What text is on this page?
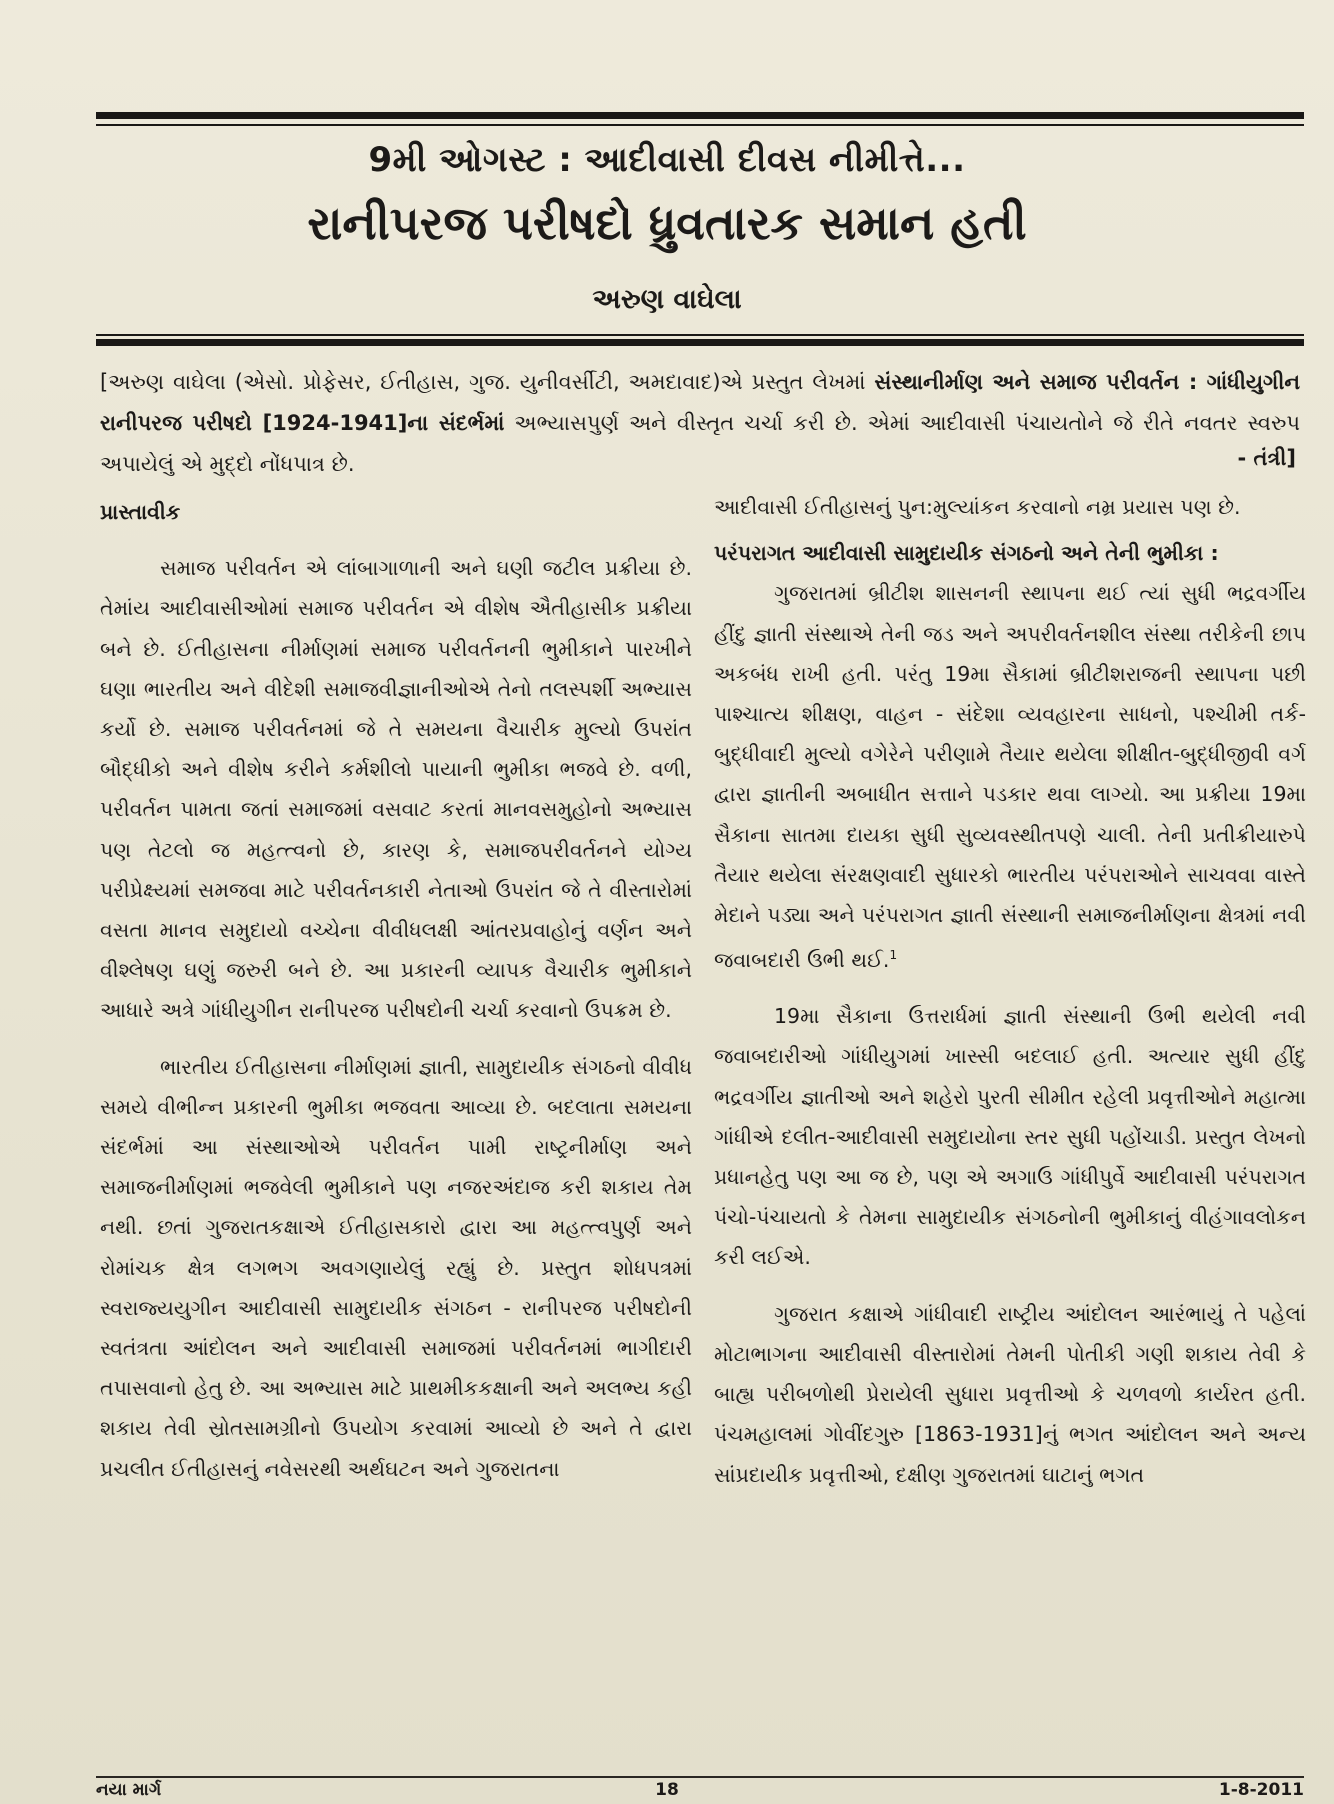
9મી ઓગસ્ટ : આદીવાસી દીવસ નીમીત્તે...
રાનીપરજ પરીષદો ધ્રુવતારક સમાન હતી
અરુણ વાઘેલા
[અરુણ વાઘેલા (એસો. પ્રોફેસર, ઈતીહાસ, ગુજ. યુનીવર્સીટી, અમદાવાદ)એ પ્રસ્તુત લેખમાં સંસ્થાનીર્માણ અને સમાજ પરીવર્તન : ગાંધીયુગીન રાનીપરજ પરીષદો [1924-1941]ના સંદર્ભમાં અભ્યાસપુર્ણ અને વીસ્તૃત ચર્ચા કરી છે. એમાં આદીવાસી પંચાયતોને જે રીતે નવતર સ્વરુપ અપાયેલું એ મુદ્દો નોંધપાત્ર છે.	- તંત્રી]

પ્રાસ્તાવીક

સમાજ પરીવર્તન એ લાંબાગાળાની અને ઘણી જટીલ પ્રક્રીયા છે. તેમાંય આદીવાસીઓમાં સમાજ પરીવર્તન એ વીશેષ ઐતીહાસીક પ્રક્રીયા બને છે. ઈતીહાસના નીર્માણમાં સમાજ પરીવર્તનની ભુમીકાને પારખીને ઘણા ભારતીય અને વીદેશી સમાજવીજ્ઞાનીઓએ તેનો તલસ્પર્શી અભ્યાસ કર્યો છે. સમાજ પરીવર્તનમાં જે તે સમયના વૈચારીક મુલ્યો ઉપરાંત બૌદ્ધીકો અને વીશેષ કરીને કર્મશીલો પાયાની ભુમીકા ભજવે છે. વળી, પરીવર્તન પામતા જતાં સમાજમાં વસવાટ કરતાં માનવસમુહોનો અભ્યાસ પણ તેટલો જ મહત્ત્વનો છે, કારણ કે, સમાજપરીવર્તનને યોગ્ય પરીપ્રેક્ષ્યમાં સમજવા માટે પરીવર્તનકારી નેતાઓ ઉપરાંત જે તે વીસ્તારોમાં વસતા માનવ સમુદાયો વચ્ચેના વીવીધલક્ષી આંતરપ્રવાહોનું વર્ણન અને વીશ્લેષણ ઘણું જરુરી બને છે. આ પ્રકારની વ્યાપક વૈચારીક ભુમીકાને આધારે અત્રે ગાંધીયુગીન રાનીપરજ પરીષદોની ચર્ચા કરવાનો ઉપક્રમ છે.

ભારતીય ઈતીહાસના નીર્માણમાં જ્ઞાતી, સામુદાયીક સંગઠનો વીવીધ સમયે વીભીન્ન પ્રકારની ભુમીકા ભજવતા આવ્યા છે. બદલાતા સમયના સંદર્ભમાં આ સંસ્થાઓએ પરીવર્તન પામી રાષ્ટ્રનીર્માણ અને સમાજનીર્માણમાં ભજવેલી ભુમીકાને પણ નજરઅંદાજ કરી શકાય તેમ નથી. છતાં ગુજરાતકક્ષાએ ઈતીહાસકારો દ્વારા આ મહત્ત્વપુર્ણ અને રોમાંચક ક્ષેત્ર લગભગ અવગણાયેલું રહ્યું છે. પ્રસ્તુત શોધપત્રમાં સ્વરાજ્યયુગીન આદીવાસી સામુદાયીક સંગઠન - રાનીપરજ પરીષદોની સ્વતંત્રતા આંદોલન અને આદીવાસી સમાજમાં પરીવર્તનમાં ભાગીદારી તપાસવાનો હેતુ છે. આ અભ્યાસ માટે પ્રાથમીકકક્ષાની અને અલભ્ય કહી શકાય તેવી સ્રોતસામગ્રીનો ઉપયોગ કરવામાં આવ્યો છે અને તે દ્વારા પ્રચલીત ઈતીહાસનું નવેસરથી અર્થઘટન અને ગુજરાતના

આદીવાસી ઈતીહાસનું પુન:મુલ્યાંકન કરવાનો નમ્ર પ્રયાસ પણ છે.

પરંપરાગત આદીવાસી સામુદાયીક સંગઠનો અને તેની ભુમીકા :

ગુજરાતમાં બ્રીટીશ શાસનની સ્થાપના થઈ ત્યાં સુધી ભદ્રવર્ગીય હીંદુ જ્ઞાતી સંસ્થાએ તેની જડ અને અપરીવર્તનશીલ સંસ્થા તરીકેની છાપ અકબંધ રાખી હતી. પરંતુ 19મા સૈકામાં બ્રીટીશરાજની સ્થાપના પછી પાશ્ચાત્ય શીક્ષણ, વાહન - સંદેશા વ્યવહારના સાધનો, પશ્ચીમી તર્ક-બુદ્ધીવાદી મુલ્યો વગેરેને પરીણામે તૈયાર થયેલા શીક્ષીત-બુદ્ધીજીવી વર્ગ દ્વારા જ્ઞાતીની અબાધીત સત્તાને પડકાર થવા લાગ્યો. આ પ્રક્રીયા 19મા સૈકાના સાતમા દાયકા સુધી સુવ્યવસ્થીતપણે ચાલી. તેની પ્રતીક્રીયારુપે તૈયાર થયેલા સંરક્ષણવાદી સુધારકો ભારતીય પરંપરાઓને સાચવવા વાસ્તે મેદાને પડ્યા અને પરંપરાગત જ્ઞાતી સંસ્થાની સમાજનીર્માણના ક્ષેત્રમાં નવી જવાબદારી ઉભી થઈ.$^1$

19મા સૈકાના ઉત્તરાર્ધમાં જ્ઞાતી સંસ્થાની ઉભી થયેલી નવી જવાબદારીઓ ગાંધીયુગમાં ખાસ્સી બદલાઈ હતી. અત્યાર સુધી હીંદુ ભદ્રવર્ગીય જ્ઞાતીઓ અને શહેરો પુરતી સીમીત રહેલી પ્રવૃત્તીઓને મહાત્મા ગાંધીએ દલીત-આદીવાસી સમુદાયોના સ્તર સુધી પહોંચાડી. પ્રસ્તુત લેખનો પ્રધાનહેતુ પણ આ જ છે, પણ એ અગાઉ ગાંધીપુર્વે આદીવાસી પરંપરાગત પંચો-પંચાયતો કે તેમના સામુદાયીક સંગઠનોની ભુમીકાનું વીહંગાવલોકન કરી લઈએ.

ગુજરાત કક્ષાએ ગાંધીવાદી રાષ્ટ્રીય આંદોલન આરંભાયું તે પહેલાં મોટાભાગના આદીવાસી વીસ્તારોમાં તેમની પોતીકી ગણી શકાય તેવી કે બાહ્ય પરીબળોથી પ્રેરાયેલી સુધારા પ્રવૃત્તીઓ કે ચળવળો કાર્યરત હતી. પંચમહાલમાં ગોવીંદગુરુ [1863-1931]નું ભગત આંદોલન અને અન્ય સાંપ્રદાયીક પ્રવૃત્તીઓ, દક્ષીણ ગુજરાતમાં ઘાટાનું ભગત

નયા માર્ગ	18	1-8-2011
